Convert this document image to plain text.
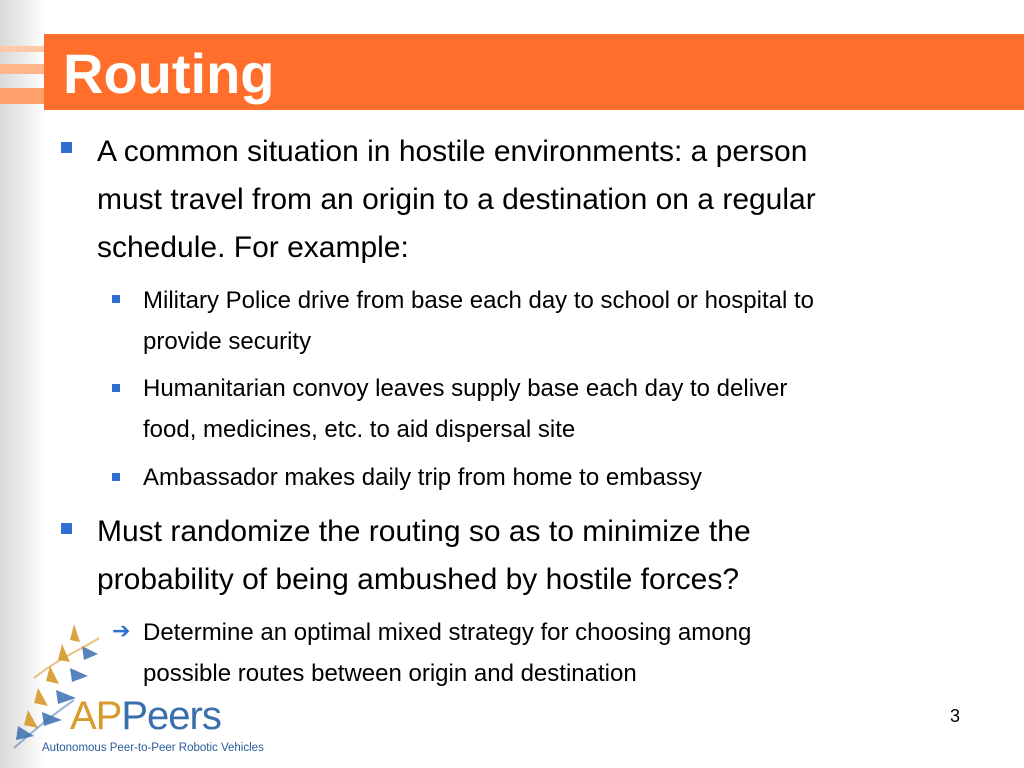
Routing
A common situation in hostile environments: a person
must travel from an origin to a destination on a regular
schedule. For example:
Military Police drive from base each day to school or hospital to
provide security
Humanitarian convoy leaves supply base each day to deliver
food, medicines, etc. to aid dispersal site
Ambassador makes daily trip from home to embassy
Must randomize the routing so as to minimize the
probability of being ambushed by hostile forces?
➔ Determine an optimal mixed strategy for choosing among
possible routes between origin and destination
APPeers
Autonomous Peer-to-Peer Robotic Vehicles
3
